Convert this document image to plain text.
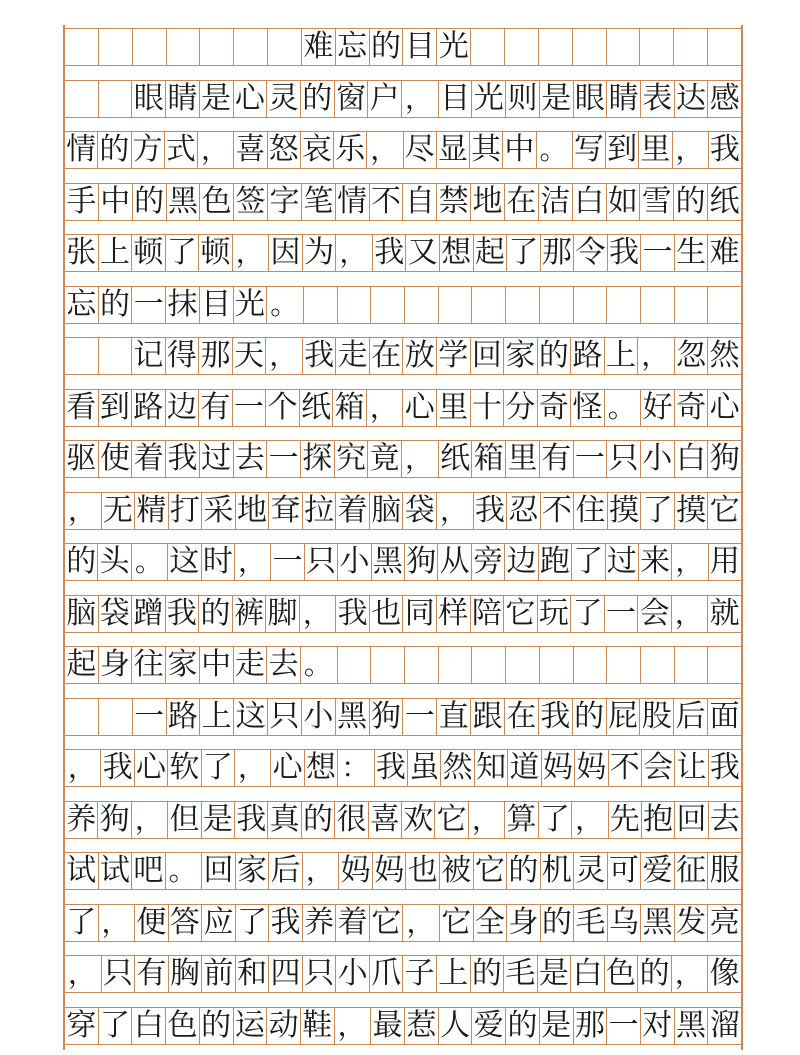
难 忘 的 目 光
眼 睛 是 心 灵 的 窗 户 ， 目 光 则 是 眼 睛 表 达 感
情 的 方 式 ， 喜 怒 哀 乐 ， 尽 显 其 中 。 写 到 里 ， 我
手 中 的 黑 色 签 字 笔 情 不 自 禁 地 在 洁 白 如 雪 的 纸
张 上 顿 了 顿 ， 因 为 ， 我 又 想 起 了 那 令 我 一 生 难
忘 的 一 抹 目 光 。
记 得 那 天 ， 我 走 在 放 学 回 家 的 路 上 ， 忽 然
看 到 路 边 有 一 个 纸 箱 ， 心 里 十 分 奇 怪 。 好 奇 心
驱 使 着 我 过 去 一 探 究 竟 ， 纸 箱 里 有 一 只 小 白 狗
， 无 精 打 采 地 耷 拉 着 脑 袋 ， 我 忍 不 住 摸 了 摸 它
的 头 。 这 时 ， 一 只 小 黑 狗 从 旁 边 跑 了 过 来 ， 用
脑 袋 蹭 我 的 裤 脚 ， 我 也 同 样 陪 它 玩 了 一 会 ， 就
起 身 往 家 中 走 去 。
一 路 上 这 只 小 黑 狗 一 直 跟 在 我 的 屁 股 后 面
， 我 心 软 了 ， 心 想 ： 我 虽 然 知 道 妈 妈 不 会 让 我
养 狗 ， 但 是 我 真 的 很 喜 欢 它 ， 算 了 ， 先 抱 回 去
试 试 吧 。 回 家 后 ， 妈 妈 也 被 它 的 机 灵 可 爱 征 服
了 ， 便 答 应 了 我 养 着 它 ， 它 全 身 的 毛 乌 黑 发 亮
， 只 有 胸 前 和 四 只 小 爪 子 上 的 毛 是 白 色 的 ， 像
穿 了 白 色 的 运 动 鞋 ， 最 惹 人 爱 的 是 那 一 对 黑 溜
